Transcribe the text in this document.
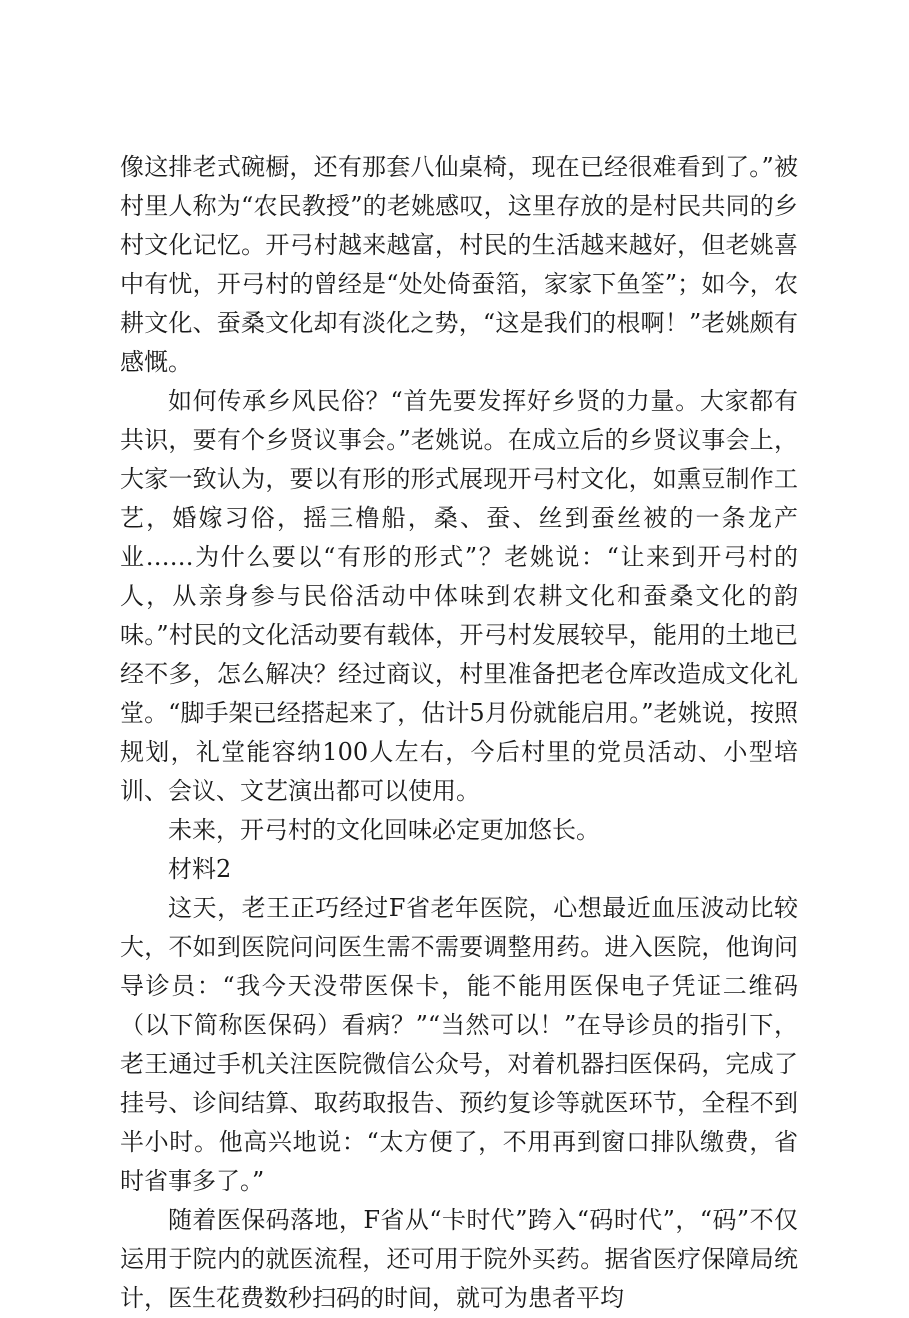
像这排老式碗橱，还有那套八仙桌椅，现在已经很难看到了。”被村里人称为“农民教授”的老姚感叹，这里存放的是村民共同的乡村文化记忆。开弓村越来越富，村民的生活越来越好，但老姚喜中有忧，开弓村的曾经是“处处倚蚕箔，家家下鱼筌”；如今，农耕文化、蚕桑文化却有淡化之势，“这是我们的根啊！”老姚颇有感慨。

如何传承乡风民俗？“首先要发挥好乡贤的力量。大家都有共识，要有个乡贤议事会。”老姚说。在成立后的乡贤议事会上，大家一致认为，要以有形的形式展现开弓村文化，如熏豆制作工艺，婚嫁习俗，摇三橹船，桑、蚕、丝到蚕丝被的一条龙产业……为什么要以“有形的形式”？老姚说：“让来到开弓村的人，从亲身参与民俗活动中体味到农耕文化和蚕桑文化的韵味。”村民的文化活动要有载体，开弓村发展较早，能用的土地已经不多，怎么解决？经过商议，村里准备把老仓库改造成文化礼堂。“脚手架已经搭起来了，估计5月份就能启用。”老姚说，按照规划，礼堂能容纳100人左右，今后村里的党员活动、小型培训、会议、文艺演出都可以使用。

未来，开弓村的文化回味必定更加悠长。

材料2

这天，老王正巧经过F省老年医院，心想最近血压波动比较大，不如到医院问问医生需不需要调整用药。进入医院，他询问导诊员：“我今天没带医保卡，能不能用医保电子凭证二维码（以下简称医保码）看病？”“当然可以！”在导诊员的指引下，老王通过手机关注医院微信公众号，对着机器扫医保码，完成了挂号、诊间结算、取药取报告、预约复诊等就医环节，全程不到半小时。他高兴地说：“太方便了，不用再到窗口排队缴费，省时省事多了。”

随着医保码落地，F省从“卡时代”跨入“码时代”，“码”不仅运用于院内的就医流程，还可用于院外买药。据省医疗保障局统计，医生花费数秒扫码的时间，就可为患者平均
